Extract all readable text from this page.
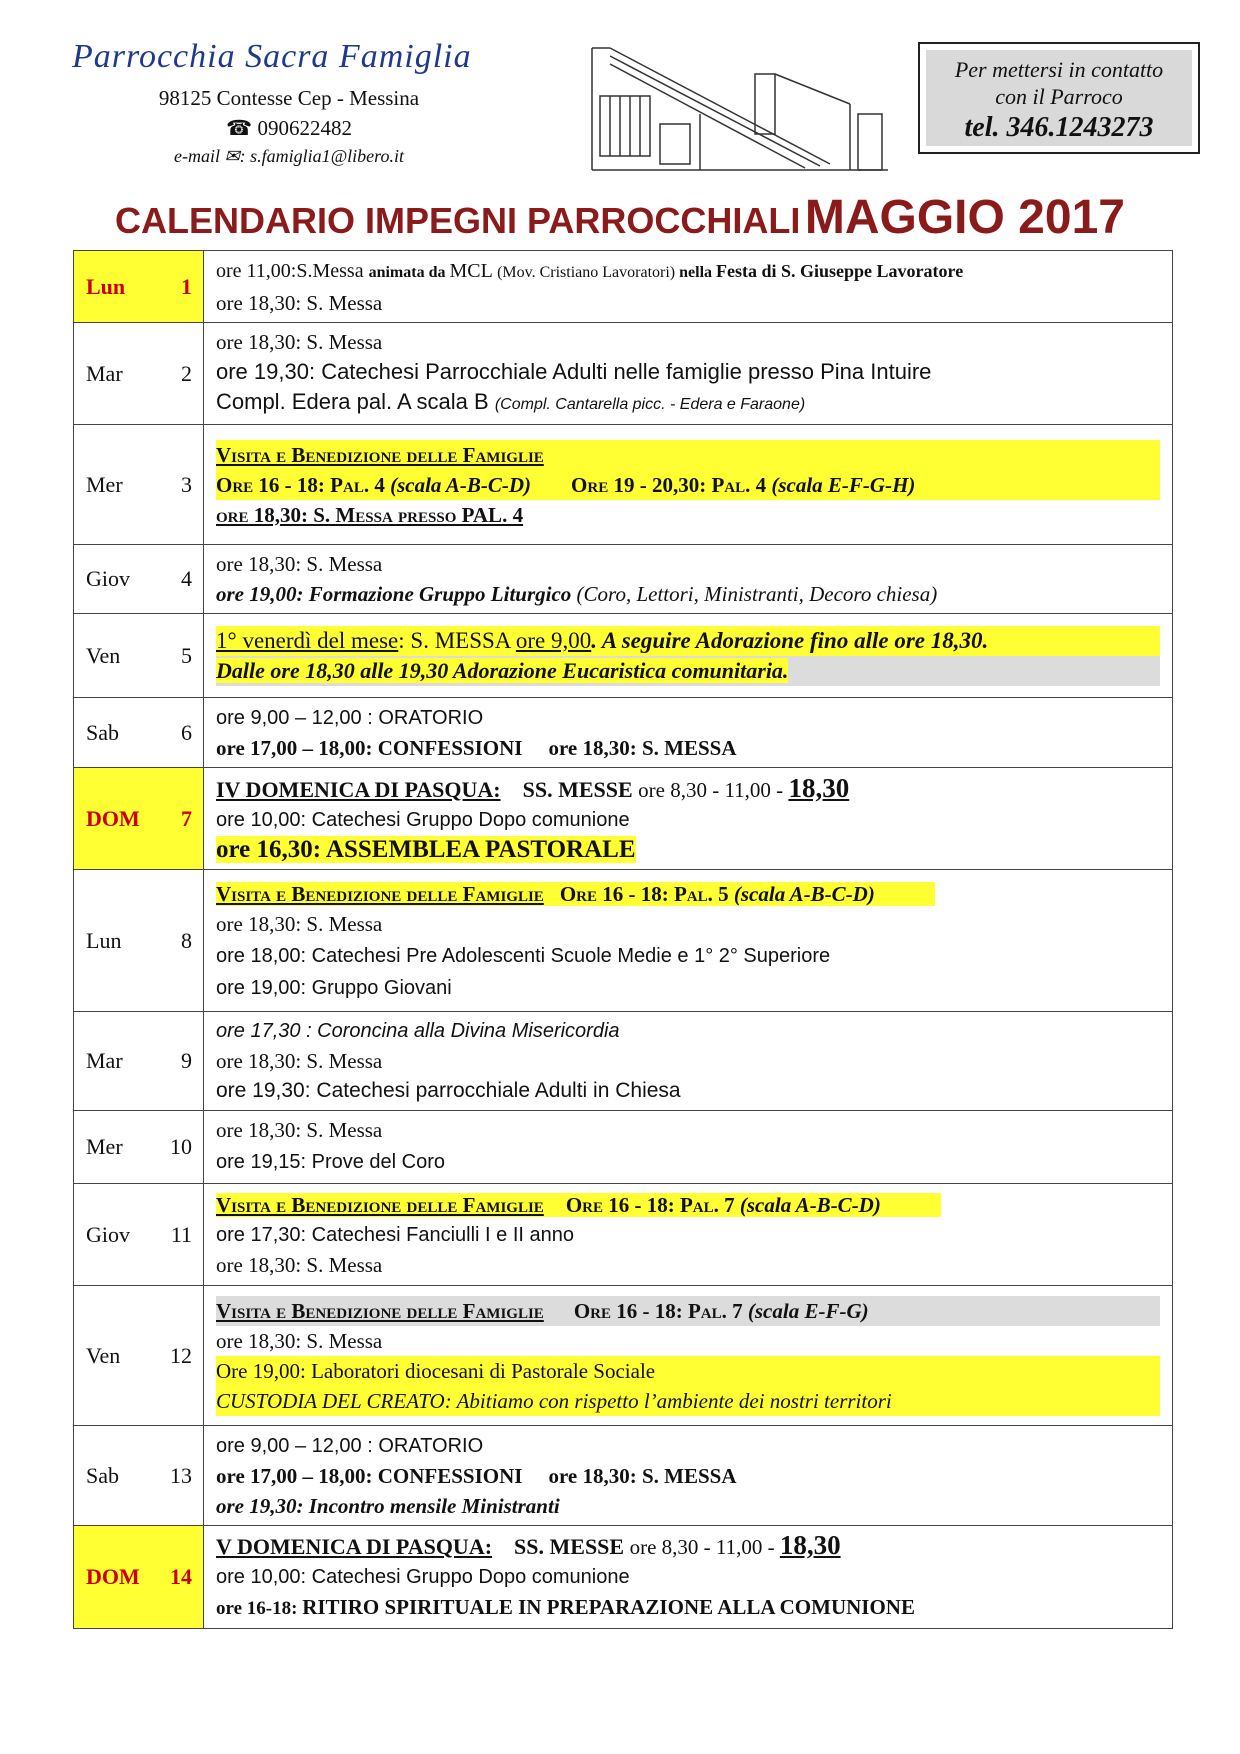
Parrocchia Sacra Famiglia
98125 Contesse Cep - Messina
☎ 090622482
e-mail ✉: s.famiglia1@libero.it
Per mettersi in contatto
con il Parroco
tel. 346.1243273
CALENDARIO IMPEGNI PARROCCHIALI MAGGIO 2017
Lun 1	ore 11,00:S.Messa animata da MCL (Mov. Cristiano Lavoratori) nella Festa di S. Giuseppe Lavoratore
ore 18,30: S. Messa

Mar 2	ore 18,30: S. Messa
ore 19,30: Catechesi Parrocchiale Adulti nelle famiglie presso Pina Intuire
Compl. Edera pal. A scala B (Compl. Cantarella picc. - Edera e Faraone)

Mer 3	Visita e Benedizione delle Famiglie
Ore 16 - 18: Pal. 4 (scala A-B-C-D) Ore 19 - 20,30: Pal. 4 (scala E-F-G-H)
ore 18,30: S. Messa presso PAL. 4

Giov 4	ore 18,30: S. Messa
ore 19,00: Formazione Gruppo Liturgico (Coro, Lettori, Ministranti, Decoro chiesa)

Ven 5	1° venerdì del mese: S. MESSA ore 9,00. A seguire Adorazione fino alle ore 18,30.
Dalle ore 18,30 alle 19,30 Adorazione Eucaristica comunitaria.

Sab 6	ore 9,00 – 12,00 : ORATORIO
ore 17,00 – 18,00: CONFESSIONI ore 18,30: S. MESSA

DOM 7	IV DOMENICA DI PASQUA: SS. MESSE ore 8,30 - 11,00 - 18,30
ore 10,00: Catechesi Gruppo Dopo comunione
ore 16,30: ASSEMBLEA PASTORALE

Lun 8	Visita e Benedizione delle Famiglie Ore 16 - 18: Pal. 5 (scala A-B-C-D)
ore 18,30: S. Messa
ore 18,00: Catechesi Pre Adolescenti Scuole Medie e 1° 2° Superiore
ore 19,00: Gruppo Giovani

Mar 9	ore 17,30 : Coroncina alla Divina Misericordia
ore 18,30: S. Messa
ore 19,30: Catechesi parrocchiale Adulti in Chiesa

Mer 10	ore 18,30: S. Messa
ore 19,15: Prove del Coro

Giov 11	Visita e Benedizione delle Famiglie Ore 16 - 18: Pal. 7 (scala A-B-C-D)
ore 17,30: Catechesi Fanciulli I e II anno
ore 18,30: S. Messa

Ven 12	Visita e Benedizione delle Famiglie Ore 16 - 18: Pal. 7 (scala E-F-G)
ore 18,30: S. Messa
Ore 19,00: Laboratori diocesani di Pastorale Sociale
CUSTODIA DEL CREATO: Abitiamo con rispetto l’ambiente dei nostri territori

Sab 13	ore 9,00 – 12,00 : ORATORIO
ore 17,00 – 18,00: CONFESSIONI ore 18,30: S. MESSA
ore 19,30: Incontro mensile Ministranti

DOM 14	V DOMENICA DI PASQUA: SS. MESSE ore 8,30 - 11,00 - 18,30
ore 10,00: Catechesi Gruppo Dopo comunione
ore 16-18: RITIRO SPIRITUALE IN PREPARAZIONE ALLA COMUNIONE
